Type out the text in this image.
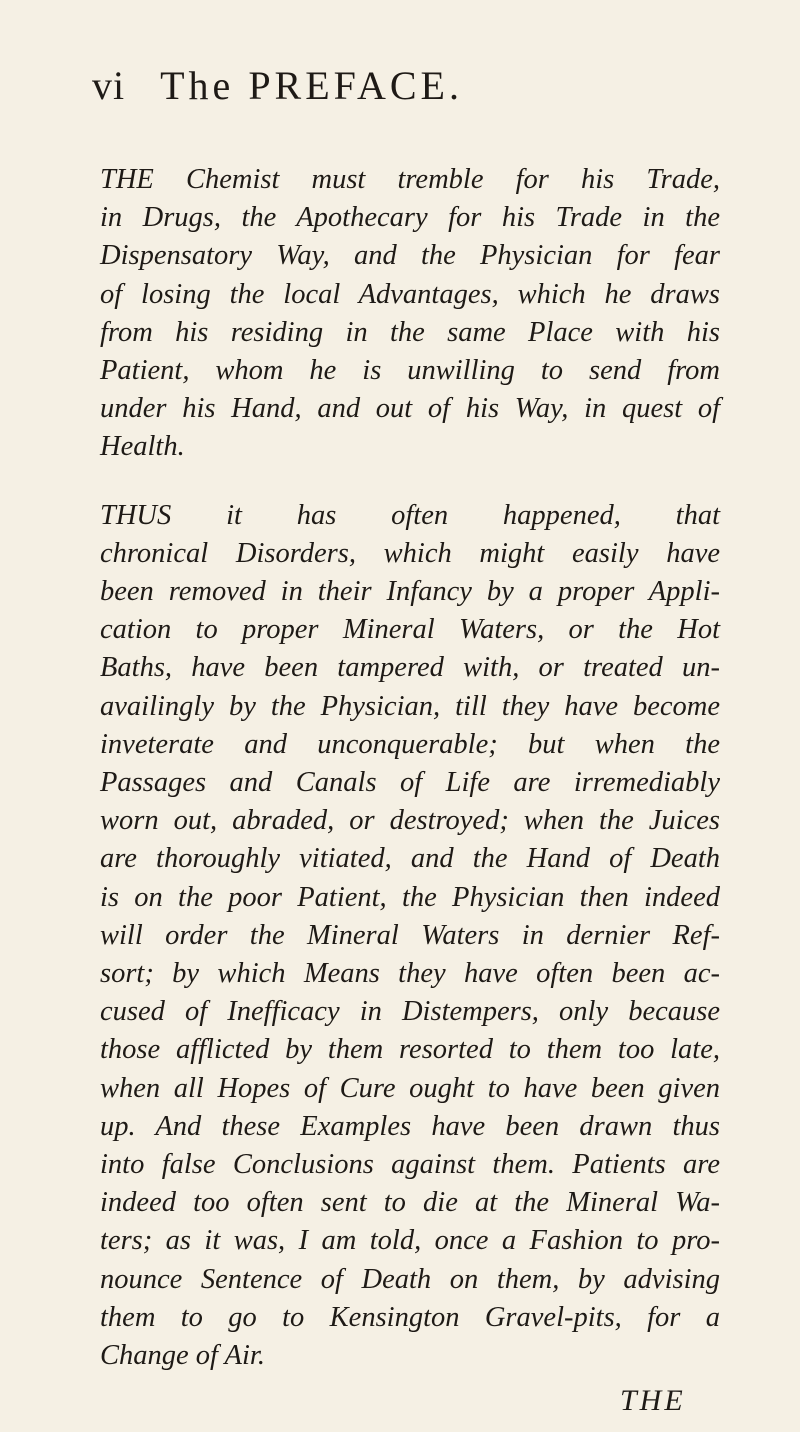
vi The PREFACE.
THE Chemist must tremble for his Trade,
in Drugs, the Apothecary for his Trade in the
Dispensatory Way, and the Physician for fear
of losing the local Advantages, which he draws
from his residing in the same Place with his
Patient, whom he is unwilling to send from
under his Hand, and out of his Way, in quest of
Health.
THUS it has often happened, that
chronical Disorders, which might easily have
been removed in their Infancy by a proper Appli-
cation to proper Mineral Waters, or the Hot
Baths, have been tampered with, or treated un-
availingly by the Physician, till they have become
inveterate and unconquerable; but when the
Passages and Canals of Life are irremediably
worn out, abraded, or destroyed; when the Juices
are thoroughly vitiated, and the Hand of Death
is on the poor Patient, the Physician then indeed
will order the Mineral Waters in dernier Ref-
sort; by which Means they have often been ac-
cused of Inefficacy in Distempers, only because
those afflicted by them resorted to them too late,
when all Hopes of Cure ought to have been given
up. And these Examples have been drawn thus
into false Conclusions against them. Patients are
indeed too often sent to die at the Mineral Wa-
ters; as it was, I am told, once a Fashion to pro-
nounce Sentence of Death on them, by advising
them to go to Kensington Gravel-pits, for a
Change of Air.
THE
